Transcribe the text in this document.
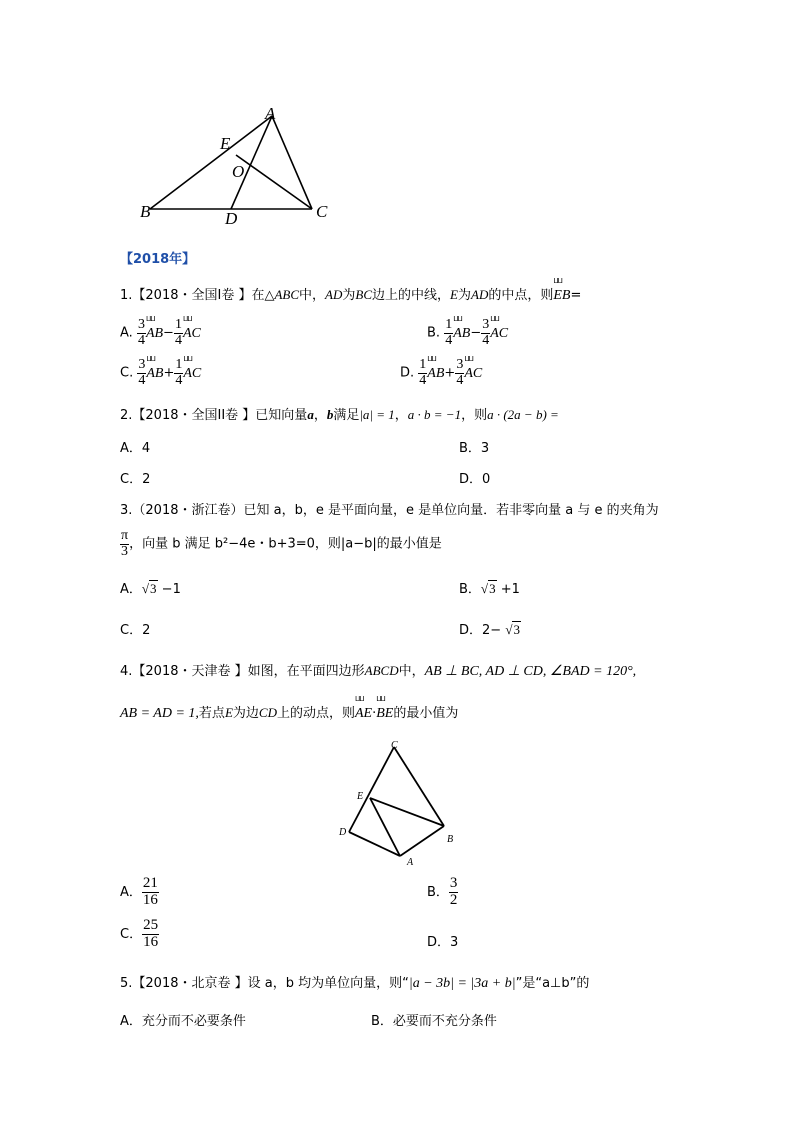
A
E
O
B	D	C
【2018年】
1.【2018・全国I卷 】在△ABC中，AD为BC边上的中线，E为AD的中点，则ⵡⵡ EB=
A. $\frac{3}{4}$ ⵡⵡ $AB- \frac{1}{4}$ ⵡⵡ AC	B. $\frac{1}{4}$ ⵡⵡ $AB- \frac{3}{4}$ ⵡⵡ AC
C. $\frac{3}{4}$ ⵡⵡ $AB+ \frac{1}{4}$ ⵡⵡ AC	D. $\frac{1}{4}$ ⵡⵡ $AB+ \frac{3}{4}$ ⵡⵡ AC
2.【2018・全国II卷 】已知向量a，b满足|a| = 1，a · b = −1，则a · (2a − b) =
A．4	B．3
C．2	D．0
3.（2018・浙江卷）已知 a，b，e 是平面向量，e 是单位向量．若非零向量 a 与 e 的夹角为
$\frac{\pi}{3}$ ，向量 b 满足 b²−4e・b+3=0，则|a−b|的最小值是
A．√3 −1	B．√3 +1
C．2	D．2− √3
4.【2018・天津卷 】如图，在平面四边形ABCD中，AB ⊥ BC, AD ⊥ CD, ∠BAD = 120°,
AB = AD = 1,若点E为边CD上的动点，则ⵡⵡ AE·ⵡⵡ BE的最小值为
C
E
D
B
A
A． $\frac{21}{16}$	B． $\frac{3}{2}$
C． $\frac{25}{16}$	D．3
5.【2018・北京卷 】设 a，b 均为单位向量，则“|a − 3b| = |3a + b|”是“a⊥b”的
A．充分而不必要条件	B．必要而不充分条件
